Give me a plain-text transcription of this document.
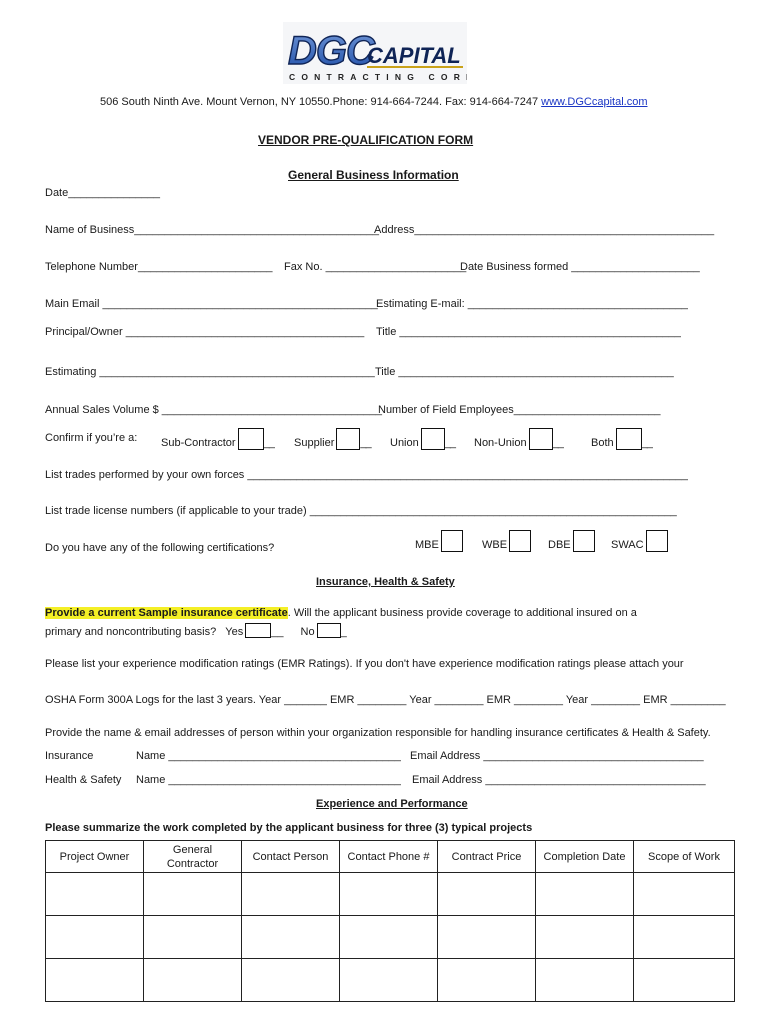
DGC
CAPITAL
CONTRACTING CORP.
506 South Ninth Ave. Mount Vernon, NY 10550.Phone: 914-664-7244. Fax: 914-664-7247 www.DGCcapital.com
VENDOR PRE-QUALIFICATION FORM
General Business Information
Date_______________
Name of Business________________________________________
Address_________________________________________________
Telephone Number______________________ Fax No. _______________________
Date Business formed _____________________
Main Email _____________________________________________
Estimating E-mail: ____________________________________
Principal/Owner _______________________________________ Title ______________________________________________
Estimating _____________________________________________ Title _____________________________________________
Annual Sales Volume $ ____________________________________
Number of Field Employees________________________
Confirm if you’re a: Sub-Contractor	__ Supplier __ Union __ Non-Union __	Both	__
List trades performed by your own forces ________________________________________________________________________
List trade license numbers (if applicable to your trade) ____________________________________________________________
Do you have any of the following certifications?	MBE	WBE	DBE	SWAC
Insurance, Health & Safety
Provide a current Sample insurance certificate. Will the applicant business provide coverage to additional insured on a
primary and noncontributing basis? Yes	__ No _
Please list your experience modification ratings (EMR Ratings). If you don't have experience modification ratings please attach your
OSHA Form 300A Logs for the last 3 years. Year _______ EMR ________ Year ________ EMR ________ Year ________ EMR _________
Provide the name & email addresses of person within your organization responsible for handling insurance certificates & Health & Safety.
Insurance	Name ______________________________________ Email Address ____________________________________
Health & Safety Name ______________________________________ Email Address ____________________________________
Experience and Performance
Please summarize the work completed by the applicant business for three (3) typical projects
Project Owner	General Contractor	Contact Person	Contact Phone #	Contract Price	Completion Date	Scope of Work
